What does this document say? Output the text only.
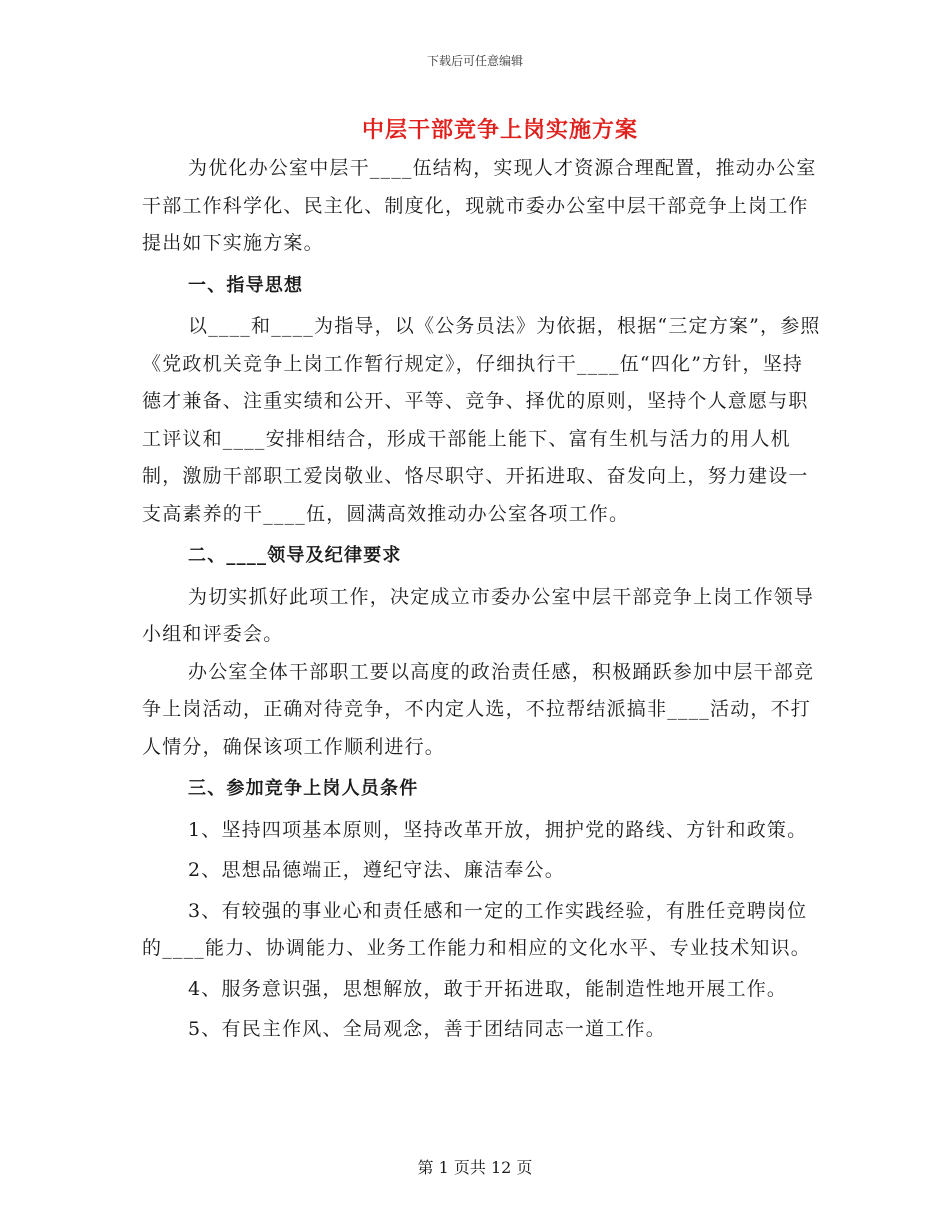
下载后可任意编辑
中层干部竞争上岗实施方案

为优化办公室中层干____伍结构，实现人才资源合理配置，推动办公室干部工作科学化、民主化、制度化，现就市委办公室中层干部竞争上岗工作提出如下实施方案。

一、指导思想

以____和____为指导，以《公务员法》为依据，根据“三定方案”，参照《党政机关竞争上岗工作暂行规定》，仔细执行干____伍“四化”方针，坚持德才兼备、注重实绩和公开、平等、竞争、择优的原则，坚持个人意愿与职工评议和____安排相结合，形成干部能上能下、富有生机与活力的用人机制，激励干部职工爱岗敬业、恪尽职守、开拓进取、奋发向上，努力建设一支高素养的干____伍，圆满高效推动办公室各项工作。

二、____领导及纪律要求

为切实抓好此项工作，决定成立市委办公室中层干部竞争上岗工作领导小组和评委会。

办公室全体干部职工要以高度的政治责任感，积极踊跃参加中层干部竞争上岗活动，正确对待竞争，不内定人选，不拉帮结派搞非____活动，不打人情分，确保该项工作顺利进行。

三、参加竞争上岗人员条件

1、坚持四项基本原则，坚持改革开放，拥护党的路线、方针和政策。

2、思想品德端正，遵纪守法、廉洁奉公。

3、有较强的事业心和责任感和一定的工作实践经验，有胜任竞聘岗位的____能力、协调能力、业务工作能力和相应的文化水平、专业技术知识。

4、服务意识强，思想解放，敢于开拓进取，能制造性地开展工作。

5、有民主作风、全局观念，善于团结同志一道工作。

第 1 页共 12 页
